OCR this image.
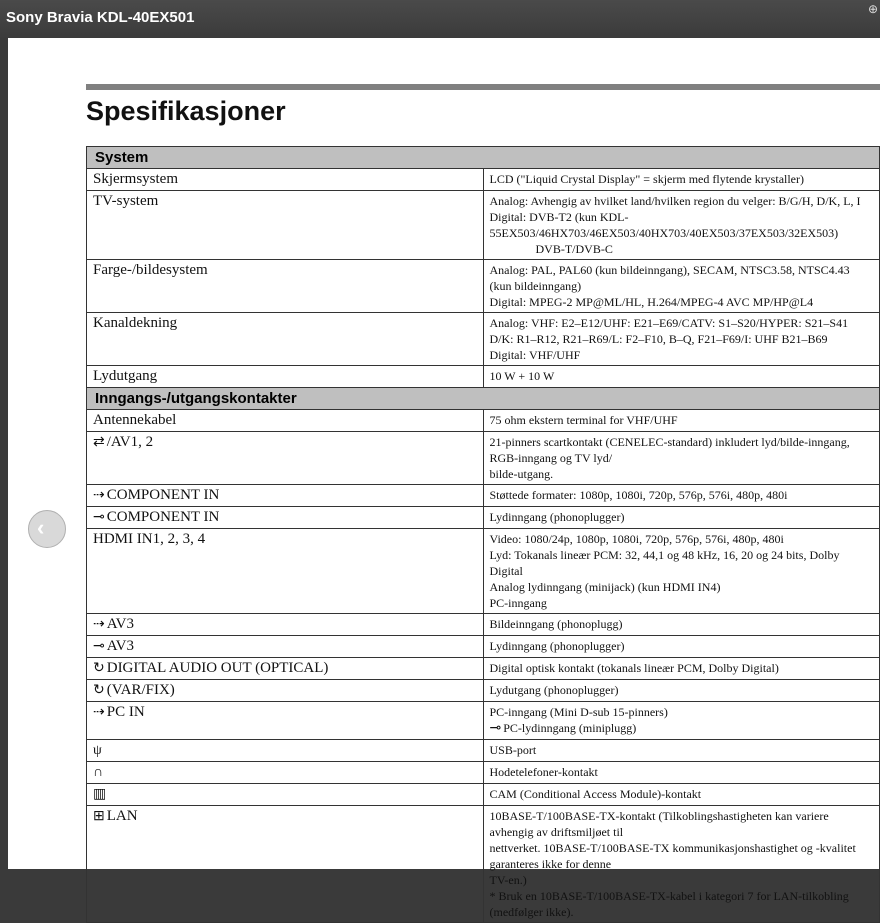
Sony Bravia KDL-40EX501	⊕
Spesifikasjoner
System	
Skjermsystem	LCD ("Liquid Crystal Display" = skjerm med flytende krystaller)

TV-system	Analog: Avhengig av hvilket land/hvilken region du velger: B/G/H, D/K, L, I
Digital: DVB-T2 (kun KDL-55EX503/46HX703/46EX503/40HX703/40EX503/37EX503/32EX503)
DVB-T/DVB-C

Farge-/bildesystem	Analog: PAL, PAL60 (kun bildeinngang), SECAM, NTSC3.58, NTSC4.43 (kun bildeinngang)
Digital: MPEG-2 MP@ML/HL, H.264/MPEG-4 AVC MP/HP@L4

Kanaldekning	Analog: VHF: E2–E12/UHF: E21–E69/CATV: S1–S20/HYPER: S21–S41
D/K: R1–R12, R21–R69/L: F2–F10, B–Q, F21–F69/I: UHF B21–B69
Digital: VHF/UHF

Lydutgang	10 W + 10 W

Inngangs-/utgangskontakter	
Antennekabel	75 ohm ekstern terminal for VHF/UHF

⇄ /AV1, 2	21-pinners scartkontakt (CENELEC-standard) inkludert lyd/bilde-inngang, RGB-inngang og TV lyd/
bilde-utgang.

⇢ COMPONENT IN	Støttede formater: 1080p, 1080i, 720p, 576p, 576i, 480p, 480i

⊸ COMPONENT IN	Lydinngang (phonoplugger)

HDMI IN1, 2, 3, 4	Video: 1080/24p, 1080p, 1080i, 720p, 576p, 576i, 480p, 480i
Lyd: Tokanals lineær PCM: 32, 44,1 og 48 kHz, 16, 20 og 24 bits, Dolby Digital
Analog lydinngang (minijack) (kun HDMI IN4)
PC-inngang

⇢ AV3	Bildeinngang (phonoplugg)

⊸ AV3	Lydinngang (phonoplugger)

↻ DIGITAL AUDIO OUT (OPTICAL)	Digital optisk kontakt (tokanals lineær PCM, Dolby Digital)

↻ (VAR/FIX)	Lydutgang (phonoplugger)

⇢ PC IN	PC-inngang (Mini D-sub 15-pinners)
⊸ PC-lydinngang (miniplugg)

ψ	USB-port

∩	Hodetelefoner-kontakt

▥	CAM (Conditional Access Module)-kontakt

⊞ LAN	10BASE-T/100BASE-TX-kontakt (Tilkoblingshastigheten kan variere avhengig av driftsmiljøet til
nettverket. 10BASE-T/100BASE-TX kommunikasjonshastighet og -kvalitet garanteres ikke for denne
TV-en.)
* Bruk en 10BASE-T/100BASE-TX-kabel i kategori 7 for LAN-tilkobling (medfølger ikke).
‹
